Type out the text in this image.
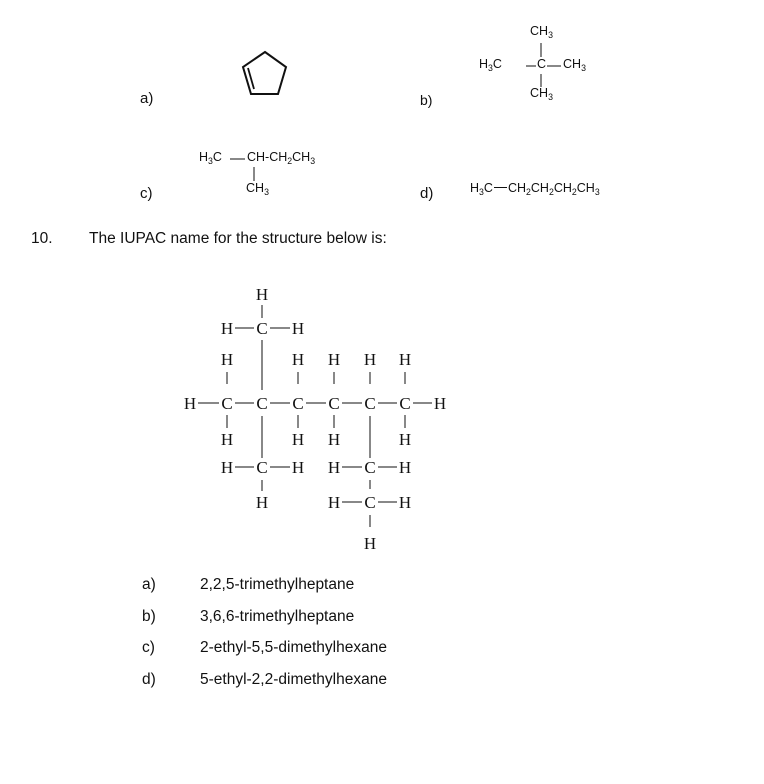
a)	b)
c)	d)
$CH_3$
$H_3C$	C $CH_3$
$CH_3$
$H_3C$ $CH-CH_2CH_3$
$CH_3$	$H_3C$ $CH_2CH_2CH_2CH_3$
10. The IUPAC name for the structure below is:
H
H C H
H	H H H H
H C C C C C C H
H	H H	H
H C H H C H
H	H C H
H
a)	2,2,5-trimethylheptane
b)	3,6,6-trimethylheptane
c)	2-ethyl-5,5-dimethylhexane
d)	5-ethyl-2,2-dimethylhexane
